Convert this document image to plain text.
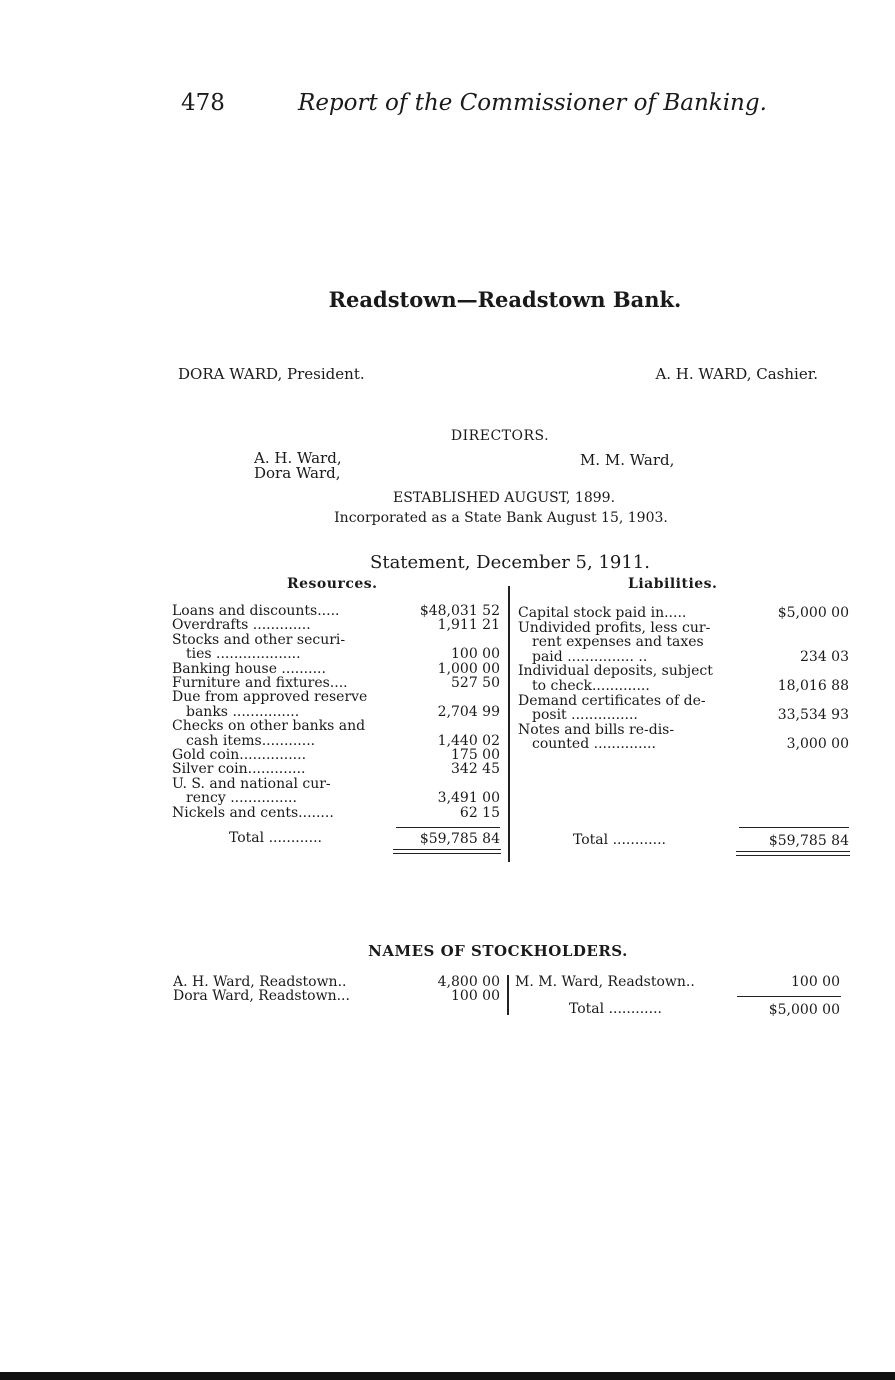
478	Report of the Commissioner of Banking.
Readstown—Readstown Bank.
DORA WARD, President.	A. H. WARD, Cashier.
DIRECTORS.
A. H. Ward,
Dora Ward,
M. M. Ward,
ESTABLISHED AUGUST, 1899.
Incorporated as a State Bank August 15, 1903.
Statement, December 5, 1911.
Resources.	Liabilities.
Loans and discounts.....	$48,031 52
Overdrafts .............	1,911 21
Stocks and other securi-
ties ...................	100 00
Banking house ..........	1,000 00
Furniture and fixtures....	527 50
Due from approved reserve
banks ...............	2,704 99
Checks on other banks and
cash items............	1,440 02
Gold coin...............	175 00
Silver coin.............	342 45
U. S. and national cur-
rency ...............	3,491 00
Nickels and cents........	62 15
Capital stock paid in.....	$5,000 00
Undivided profits, less cur-
rent expenses and taxes
paid ............... ..	234 03
Individual deposits, subject
to check.............	18,016 88
Demand certificates of de-
posit ...............	33,534 93
Notes and bills re-dis-
counted ..............	3,000 00
Total ............	$59,785 84	Total ............	$59,785 84
NAMES OF STOCKHOLDERS.
A. H. Ward, Readstown..	4,800 00
Dora Ward, Readstown...	100 00
M. M. Ward, Readstown..	100 00
Total ............	$5,000 00
